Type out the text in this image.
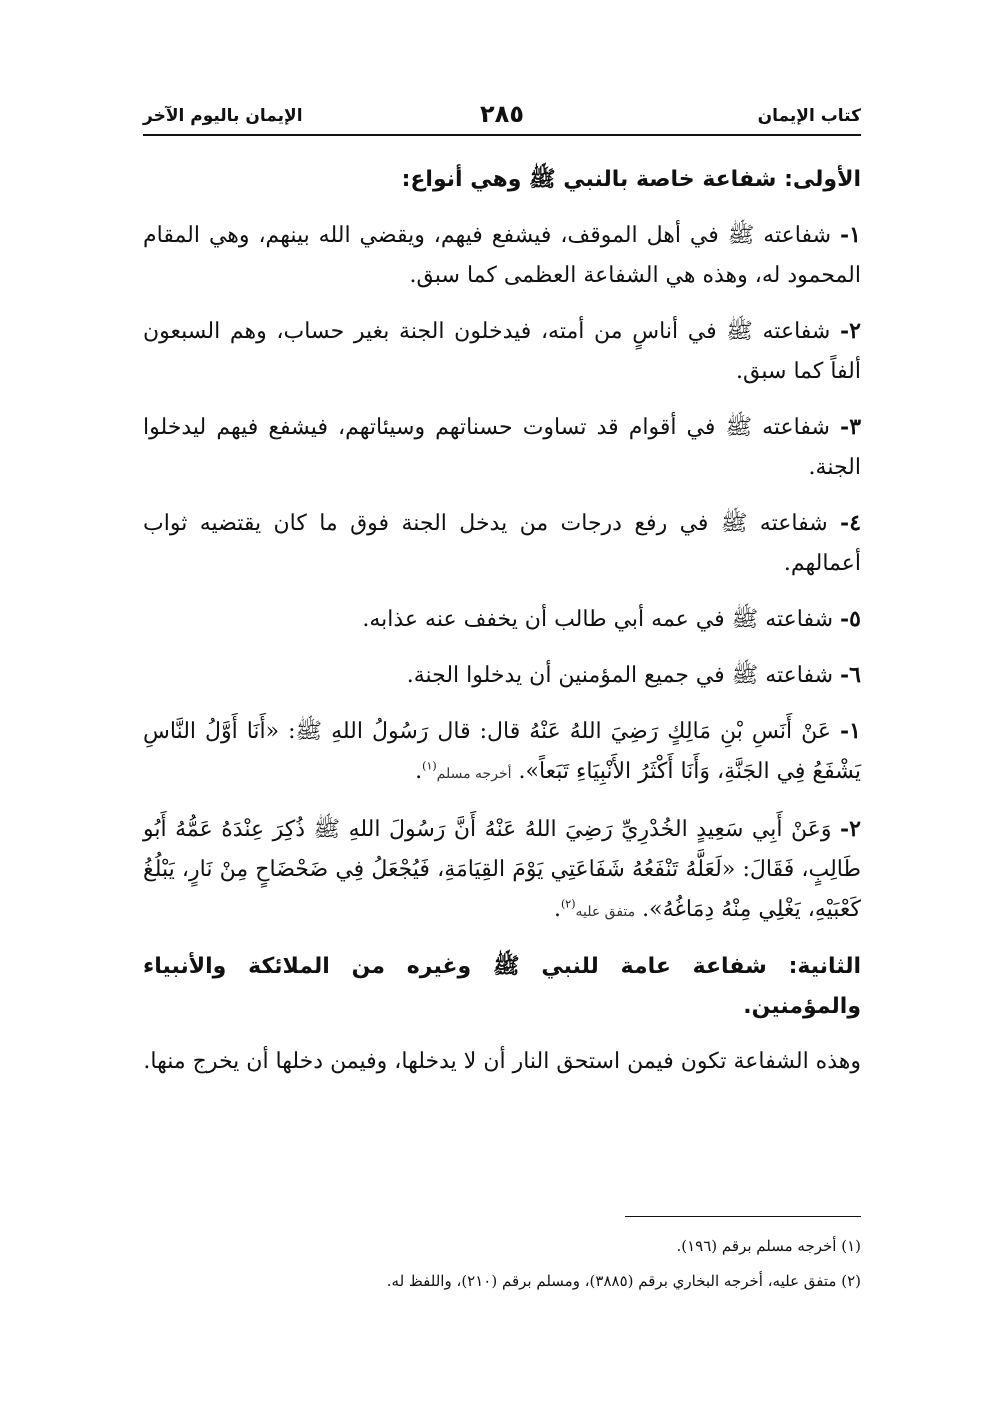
كتاب الإيمان
٢٨٥
الإيمان باليوم الآخر

الأولى: شفاعة خاصة بالنبي ﷺ وهي أنواع:

١- شفاعته ﷺ في أهل الموقف، فيشفع فيهم، ويقضي الله بينهم، وهي المقام المحمود له، وهذه هي الشفاعة العظمى كما سبق.

٢- شفاعته ﷺ في أناسٍ من أمته، فيدخلون الجنة بغير حساب، وهم السبعون ألفاً كما سبق.

٣- شفاعته ﷺ في أقوام قد تساوت حسناتهم وسيئاتهم، فيشفع فيهم ليدخلوا الجنة.

٤- شفاعته ﷺ في رفع درجات من يدخل الجنة فوق ما كان يقتضيه ثواب أعمالهم.

٥- شفاعته ﷺ في عمه أبي طالب أن يخفف عنه عذابه.

٦- شفاعته ﷺ في جميع المؤمنين أن يدخلوا الجنة.

١- عَنْ أَنَسِ بْنِ مَالِكٍ رَضِيَ اللهُ عَنْهُ قال: قال رَسُولُ اللهِ ﷺ: «أَنَا أَوَّلُ النَّاسِ يَشْفَعُ فِي الجَنَّةِ، وَأَنَا أَكْثَرُ الأَنْبِيَاءِ تَبَعاً». أخرجه مسلم$^{(١)}$.

٢- وَعَنْ أَبِي سَعِيدٍ الخُدْرِيِّ رَضِيَ اللهُ عَنْهُ أَنَّ رَسُولَ اللهِ ﷺ ذُكِرَ عِنْدَهُ عَمُّهُ أَبُو طَالِبٍ، فَقَالَ: «لَعَلَّهُ تَنْفَعُهُ شَفَاعَتِي يَوْمَ القِيَامَةِ، فَيُجْعَلُ فِي ضَحْضَاحٍ مِنْ نَارٍ، يَبْلُغُ كَعْبَيْهِ، يَغْلِي مِنْهُ دِمَاغُهُ». متفق عليه$^{(٢)}$.

الثانية: شفاعة عامة للنبي ﷺ وغيره من الملائكة والأنبياء والمؤمنين.

وهذه الشفاعة تكون فيمن استحق النار أن لا يدخلها، وفيمن دخلها أن يخرج منها.

(١) أخرجه مسلم برقم (١٩٦).
(٢) متفق عليه، أخرجه البخاري برقم (٣٨٨٥)، ومسلم برقم (٢١٠)، واللفظ له.
